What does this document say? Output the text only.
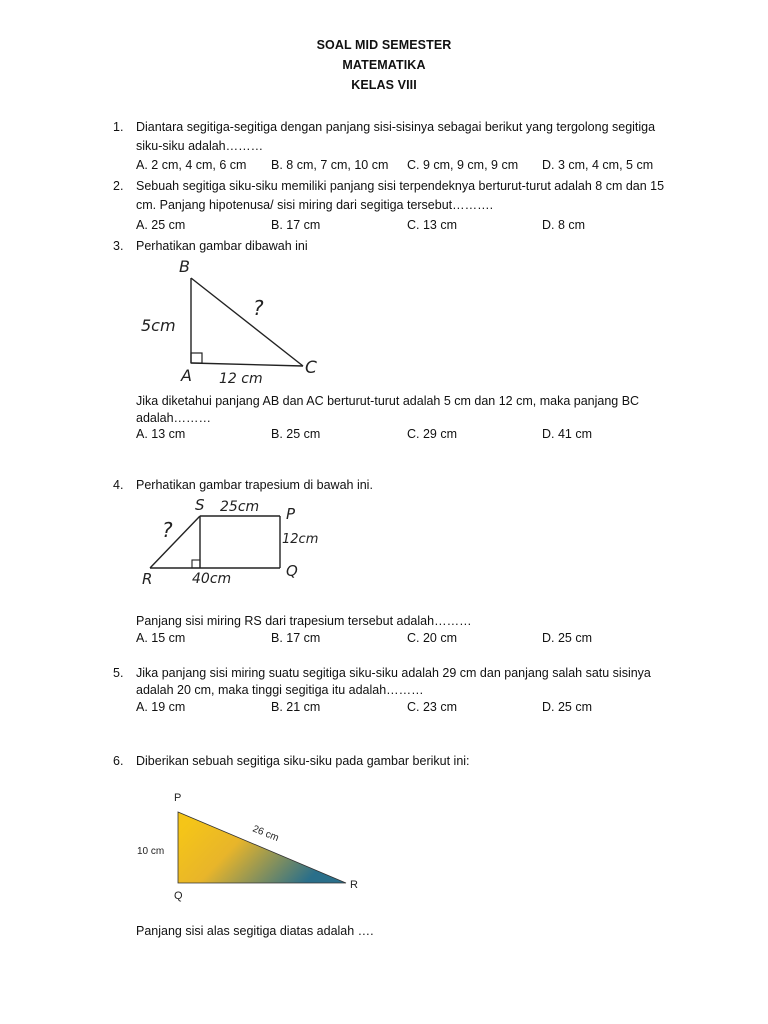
SOAL MID SEMESTER
MATEMATIKA
KELAS VIII
1. Diantara segitiga-segitiga dengan panjang sisi-sisinya sebagai berikut yang tergolong segitiga
siku-siku adalah………
A. 2 cm, 4 cm, 6 cm B. 8 cm, 7 cm, 10 cm C. 9 cm, 9 cm, 9 cm D. 3 cm, 4 cm, 5 cm
2. Sebuah segitiga siku-siku memiliki panjang sisi terpendeknya berturut-turut adalah 8 cm dan 15
cm. Panjang hipotenusa/ sisi miring dari segitiga tersebut……….
A. 25 cm	B. 17 cm	C. 13 cm	D. 8 cm
3. Perhatikan gambar dibawah ini
B
A	C
5cm
12 cm
?
Jika diketahui panjang AB dan AC berturut-turut adalah 5 cm dan 12 cm, maka panjang BC
adalah………
A. 13 cm	B. 25 cm	C. 29 cm	D. 41 cm
4. Perhatikan gambar trapesium di bawah ini.
S 25cm P
12cm
Q
R	40cm
?
Panjang sisi miring RS dari trapesium tersebut adalah………
A. 15 cm	B. 17 cm	C. 20 cm	D. 25 cm
5. Jika panjang sisi miring suatu segitiga siku-siku adalah 29 cm dan panjang salah satu sisinya
adalah 20 cm, maka tinggi segitiga itu adalah………
A. 19 cm	B. 21 cm	C. 23 cm	D. 25 cm
6. Diberikan sebuah segitiga siku-siku pada gambar berikut ini:
P
Q
R
10 cm
26 cm
Panjang sisi alas segitiga diatas adalah ….
